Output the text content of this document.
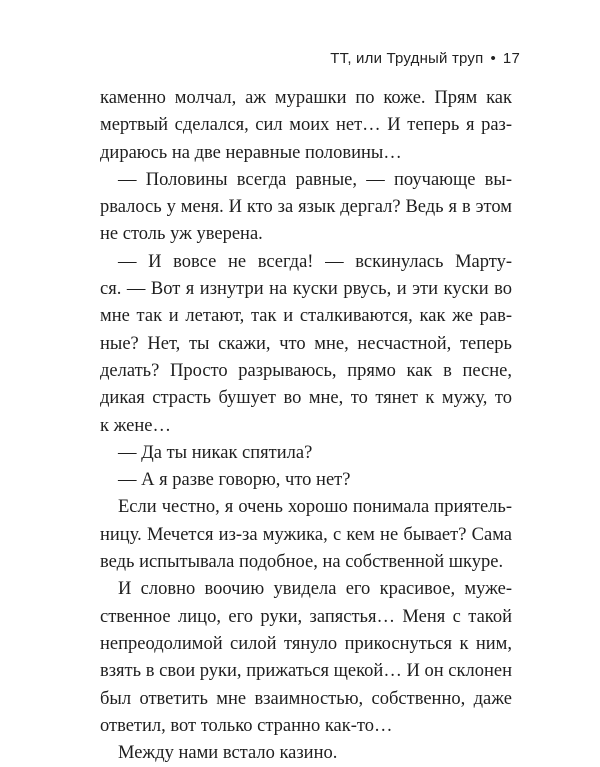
ТТ, или Трудный труп • 17
каменно молчал, аж мурашки по коже. Прям как
мертвый сделался, сил моих нет… И теперь я раз-
дираюсь на две неравные половины…
— Половины всегда равные, — поучающе вы-
рвалось у меня. И кто за язык дергал? Ведь я в этом
не столь уж уверена.
— И вовсе не всегда! — вскинулась Марту-
ся. — Вот я изнутри на куски рвусь, и эти куски во
мне так и летают, так и сталкиваются, как же рав-
ные? Нет, ты скажи, что мне, несчастной, теперь
делать? Просто разрываюсь, прямо как в песне,
дикая страсть бушует во мне, то тянет к мужу, то
к жене…
— Да ты никак спятила?
— А я разве говорю, что нет?
Если честно, я очень хорошо понимала приятель-
ницу. Мечется из-за мужика, с кем не бывает? Сама
ведь испытывала подобное, на собственной шкуре.
И словно воочию увидела его красивое, муже-
ственное лицо, его руки, запястья… Меня с такой
непреодолимой силой тянуло прикоснуться к ним,
взять в свои руки, прижаться щекой… И он склонен
был ответить мне взаимностью, собственно, даже
ответил, вот только странно как-то…
Между нами встало казино.
